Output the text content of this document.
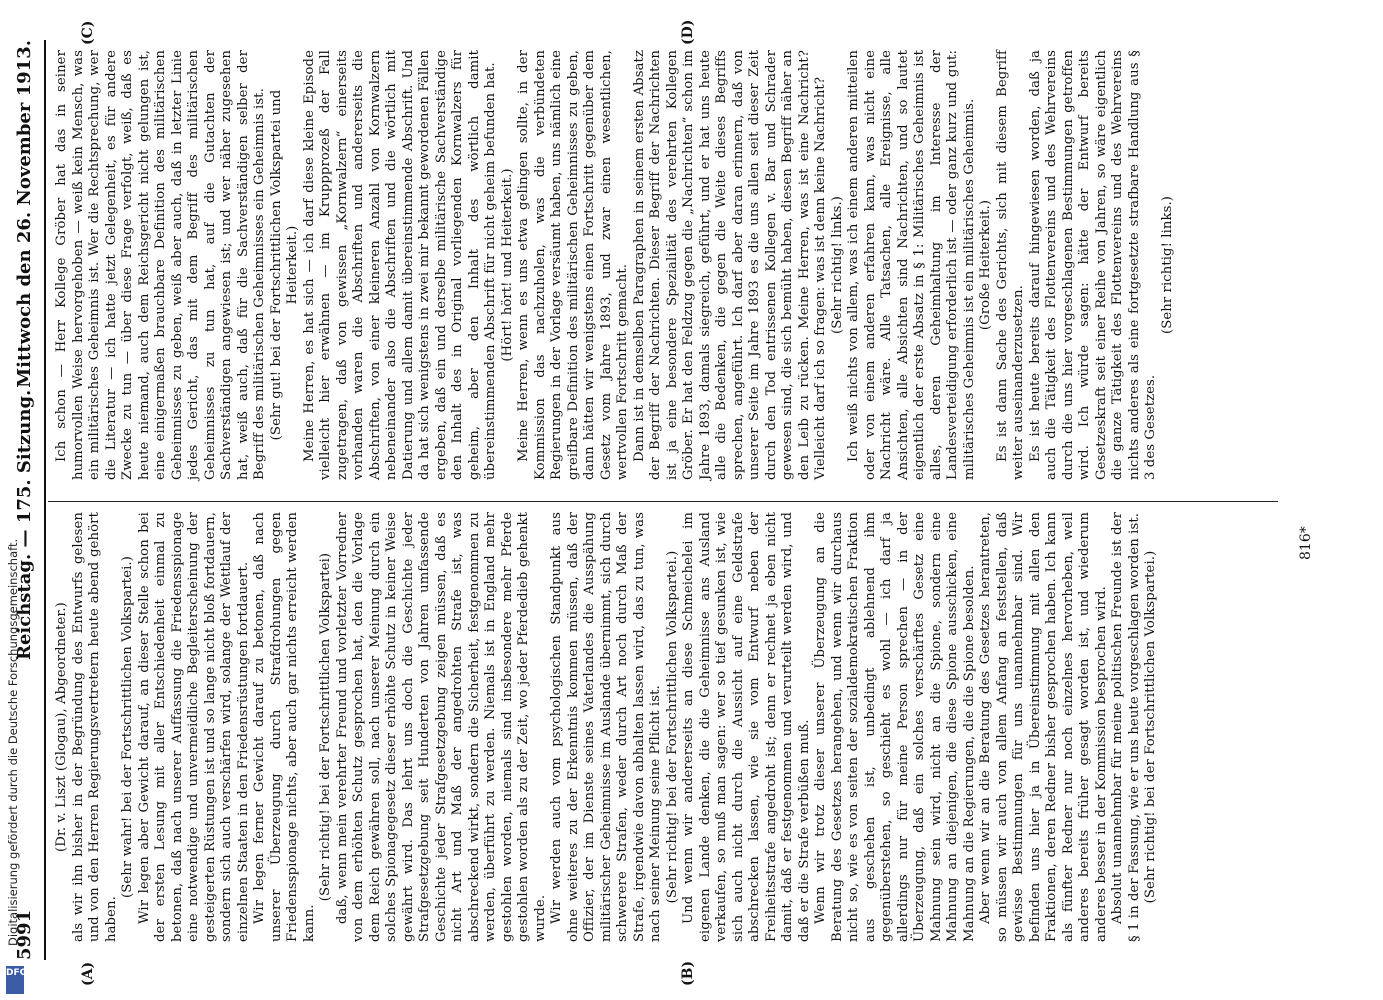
5991
Reichstag. — 175. Sitzung.
Mittwoch den 26. November 1913.
(A)	(B)
(C)	(D)

(Dr. v. Liszt (Glogau), Abgeordneter.) als wir ihn bisher in der Begründung des Entwurfs gelesen und von den Herren Regierungsvertretern heute abend gehört haben.

(Sehr wahr! bei der Fortschrittlichen Volkspartei.) Wir legen aber Gewicht darauf, an dieser Stelle schon bei der ersten Lesung mit aller Entschiedenheit einmal zu betonen, daß nach unserer Auffassung die Friedensspionage eine notwendige und unvermeidliche Begleiterscheinung der gesteigerten Rüstungen ist und so lange nicht bloß fortdauern, sondern sich auch verschärfen wird, solange der Wettlauf der einzelnen Staaten in den Friedensrüstungen fortdauert. Wir legen ferner Gewicht darauf zu betonen, daß nach unserer Überzeugung durch Strafdrohungen gegen Friedensspionage nichts, aber auch gar nichts erreicht werden kann.

(Sehr richtig! bei der Fortschrittlichen Volkspartei) daß, wenn mein verehrter Freund und vorletzter Vorredner von dem erhöhten Schutz gesprochen hat, den die Vorlage dem Reich gewähren soll, nach unserer Meinung durch ein solches Spionagegesetz dieser erhöhte Schutz in keiner Weise gewährt wird. Das lehrt uns doch die Geschichte jeder Strafgesetzgebung seit Hunderten von Jahren umfassende Geschichte jeder Strafgesetzgebung zeigen müssen, daß es nicht Art und Maß der angedrohten Strafe ist, was abschreckend wirkt, sondern die Sicherheit, festgenommen zu werden, überführt zu werden. Niemals ist in England mehr gestohlen worden, niemals sind insbesondere mehr Pferde gestohlen worden als zu der Zeit, wo jeder Pferdedieb gehenkt wurde. Wir werden auch vom psychologischen Standpunkt aus ohne weiteres zu der Erkenntnis kommen müssen, daß der Offizier, der im Dienste seines Vaterlandes die Ausspähung militärischer Geheimnisse im Auslande übernimmt, sich durch schwerere Strafen, weder durch Art noch durch Maß der Strafe, irgendwie davon abhalten lassen wird, das zu tun, was nach seiner Meinung seine Pflicht ist. (Sehr richtig! bei der Fortschrittlichen Volkspartei.) Und wenn wir andererseits an diese Schmeichelei im eigenen Lande denken, die die Geheimnisse ans Ausland verkaufen, so muß man sagen: wer so tief gesunken ist, wie sich auch nicht durch die Aussicht auf eine Geldstrafe abschrecken lassen, wie sie vom Entwurf neben der Freiheitsstrafe angedroht ist; denn er rechnet ja eben nicht damit, daß er festgenommen und verurteilt werden wird, und daß er die Strafe verbüßen muß. Wenn wir trotz dieser unserer Überzeugung an die Beratung des Gesetzes herangehen, und wenn wir durchaus nicht so, wie es von seiten der sozialdemokratischen Fraktion aus geschehen ist, unbedingt ablehnend ihm gegenüberstehen, so geschieht es wohl — ich darf ja allerdings nur für meine Person sprechen — in der Überzeugung, daß ein solches verschärftes Gesetz eine Mahnung sein wird, nicht an die Spione, sondern eine Mahnung an diejenigen, die diese Spione ausschicken, eine Mahnung an die Regierungen, die die Spione besolden. Aber wenn wir an die Beratung des Gesetzes herantreten, so müssen wir auch von allem Anfang an feststellen, daß gewisse Bestimmungen für uns unannehmbar sind. Wir befinden uns hier ja in Übereinstimmung mit allen den Fraktionen, deren Redner bisher gesprochen haben. Ich kann als fünfter Redner nur noch einzelnes hervorheben, weil anderes bereits früher gesagt worden ist, und wiederum anderes besser in der Kommission besprochen wird. Absolut unannehmbar für meine politischen Freunde ist der § 1 in der Fassung, wie er uns heute vorgeschlagen worden ist. (Sehr richtig! bei der Fortschrittlichen Volkspartei.)

Ich schon — Herr Kollege Gröber hat das in seiner humorvollen Weise hervorgehoben — weiß kein Mensch, was ein militärisches Geheimnis ist. Wer die Rechtsprechung, wer die Literatur — ich hatte jetzt Gelegenheit, es für andere Zwecke zu tun — über diese Frage verfolgt, weiß, daß es heute niemand, auch dem Reichsgericht nicht gelungen ist, eine einigermaßen brauchbare Definition des militärischen Geheimnisses zu geben, weiß aber auch, daß in letzter Linie jedes Gericht, das mit dem Begriff des militärischen Geheimnisses zu tun hat, auf die Gutachten der Sachverständigen angewiesen ist; und wer näher zugesehen hat, weiß auch, daß für die Sachverständigen selber der Begriff des militärischen Geheimnisses ein Geheimnis ist. (Sehr gut! bei der Fortschrittlichen Volkspartei und Heiterkeit.) Meine Herren, es hat sich — ich darf diese kleine Episode vielleicht hier erwähnen — im Kruppprozeß der Fall zugetragen, daß von gewissen „Kornwalzern“ einerseits vorhanden waren die Abschriften und andererseits die Abschriften, von einer kleineren Anzahl von Kornwalzern nebeneinander also die Abschriften und die wörtlich mit Datierung und allem damit übereinstimmende Abschrift. Und da hat sich wenigstens in zwei mir bekannt gewordenen Fällen ergeben, daß ein und derselbe militärische Sachverständige den Inhalt des in Original vorliegenden Kornwalzers für geheim, aber den Inhalt des wörtlich damit übereinstimmenden Abschrift für nicht geheim befunden hat. (Hört! hört! und Heiterkeit.) Meine Herren, wenn es uns etwa gelingen sollte, in der Kommission das nachzuholen, was die verbündeten Regierungen in der Vorlage versäumt haben, uns nämlich eine greifbare Definition des militärischen Geheimnisses zu geben, dann hätten wir wenigstens einen Fortschritt gegenüber dem Gesetz vom Jahre 1893, und zwar einen wesentlichen, wertvollen Fortschritt gemacht. Dann ist in demselben Paragraphen in seinem ersten Absatz der Begriff der Nachrichten. Dieser Begriff der Nachrichten ist ja eine besondere Spezialität des verehrten Kollegen Gröber. Er hat den Feldzug gegen die „Nachrichten“ schon im Jahre 1893, damals siegreich, geführt, und er hat uns heute alle die Bedenken, die gegen die Weite dieses Begriffs sprechen, angeführt. Ich darf aber daran erinnern, daß von unserer Seite im Jahre 1893 es die uns allen seit dieser Zeit durch den Tod entrissenen Kollegen v. Bar und Schrader gewesen sind, die sich bemüht haben, diesen Begriff näher an den Leib zu rücken. Meine Herren, was ist eine Nachricht? Vielleicht darf ich so fragen: was ist denn keine Nachricht? (Sehr richtig! links.) Ich weiß nichts von allem, was ich einem anderen mitteilen oder von einem anderen erfahren kann, was nicht eine Nachricht wäre. Alle Tatsachen, alle Ereignisse, alle Ansichten, alle Absichten sind Nachrichten, und so lautet eigentlich der erste Absatz in § 1: Militärisches Geheimnis ist alles, deren Geheimhaltung im Interesse der Landesverteidigung erforderlich ist — oder ganz kurz und gut: militärisches Geheimnis ist ein militärisches Geheimnis. (Große Heiterkeit.) Es ist dann Sache des Gerichts, sich mit diesem Begriff weiter auseinanderzusetzen. Es ist heute bereits darauf hingewiesen worden, daß ja auch die Tätigkeit des Flottenvereins und des Wehrvereins durch die uns hier vorgeschlagenen Bestimmungen getroffen wird. Ich würde sagen: hätte der Entwurf bereits Gesetzeskraft seit einer Reihe von Jahren, so wäre eigentlich die ganze Tätigkeit des Flottenvereins und des Wehrvereins nichts anderes als eine fortgesetzte strafbare Handlung aus § 3 des Gesetzes.

(Sehr richtig! links.)

816*
Digitalisierung gefördert durch die Deutsche Forschungsgemeinschaft.
DFG
